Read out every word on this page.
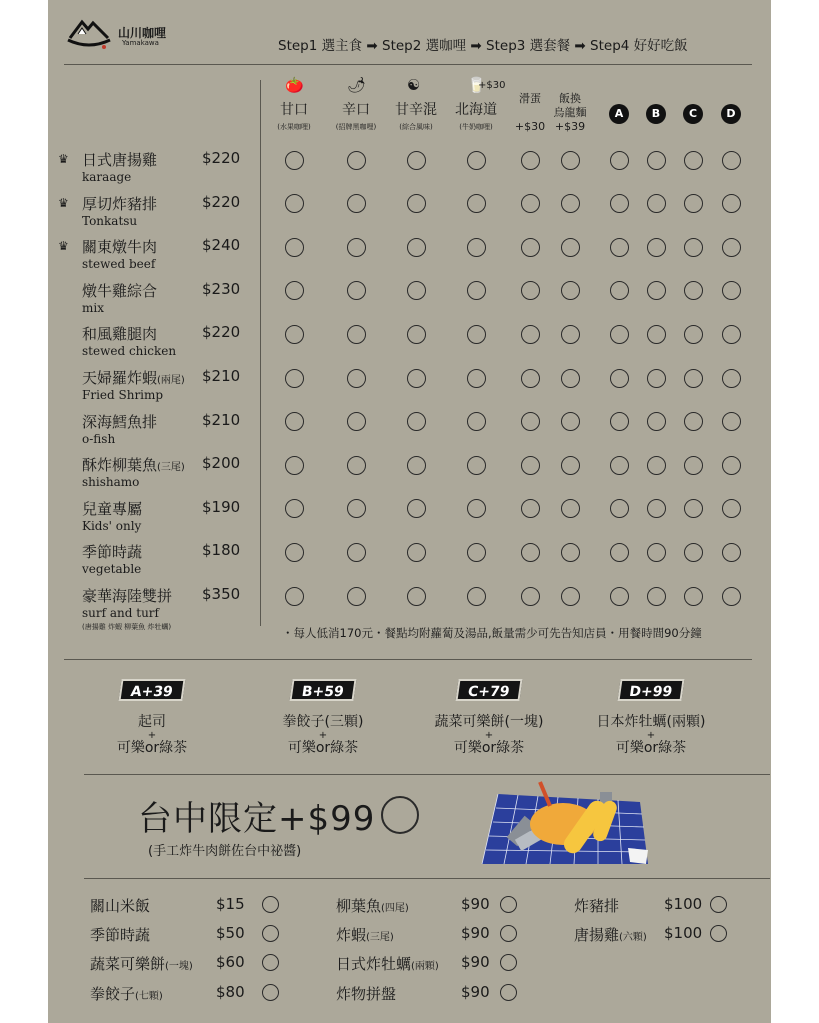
山川咖哩
Yamakawa	Step1 選主食 ➡ Step2 選咖哩 ➡ Step3 選套餐 ➡ Step4 好好吃飯
🍅
甘口
(水果咖哩)
🌶
辛口
(招牌黑咖哩)
☯
甘辛混
(綜合風味)
🥛
+$30
北海道
(牛奶咖哩)
滑蛋
+$30
飯換
烏龍麵
+$39
A	B	C	D
♛ 日式唐揚雞
karaage
$220
♛ 厚切炸豬排
Tonkatsu
$220
♛ 關東燉牛肉
stewed beef
$240
燉牛雞綜合
mix
$230
和風雞腿肉
stewed chicken
$220
天婦羅炸蝦(兩尾)
Fried Shrimp
$210
深海鱈魚排
o-fish
$210
酥炸柳葉魚(三尾)
shishamo
$200
兒童專屬
Kids' only
$190
季節時蔬
vegetable
$180
豪華海陸雙拼
surf and turf
(唐揚雞 炸蝦 柳葉魚 炸牡蠣)
$350
・每人低消170元・餐點均附蘿蔔及湯品,飯量需少可先告知店員・用餐時間90分鐘
A+39
起司
+
可樂or綠茶
B+59
拳餃子(三顆)
+
可樂or綠茶
C+79
蔬菜可樂餅(一塊)
+
可樂or綠茶
D+99
日本炸牡蠣(兩顆)
+
可樂or綠茶
台中限定+$99
(手工炸牛肉餅佐台中祕醬)
關山米飯	$15
季節時蔬	$50
蔬菜可樂餅(一塊) $60
拳餃子(七顆)	$80
柳葉魚(四尾)	$90
炸蝦(三尾)	$90
日式炸牡蠣(兩顆) $90
炸物拼盤	$90
炸豬排	$100
唐揚雞(六顆) $100
